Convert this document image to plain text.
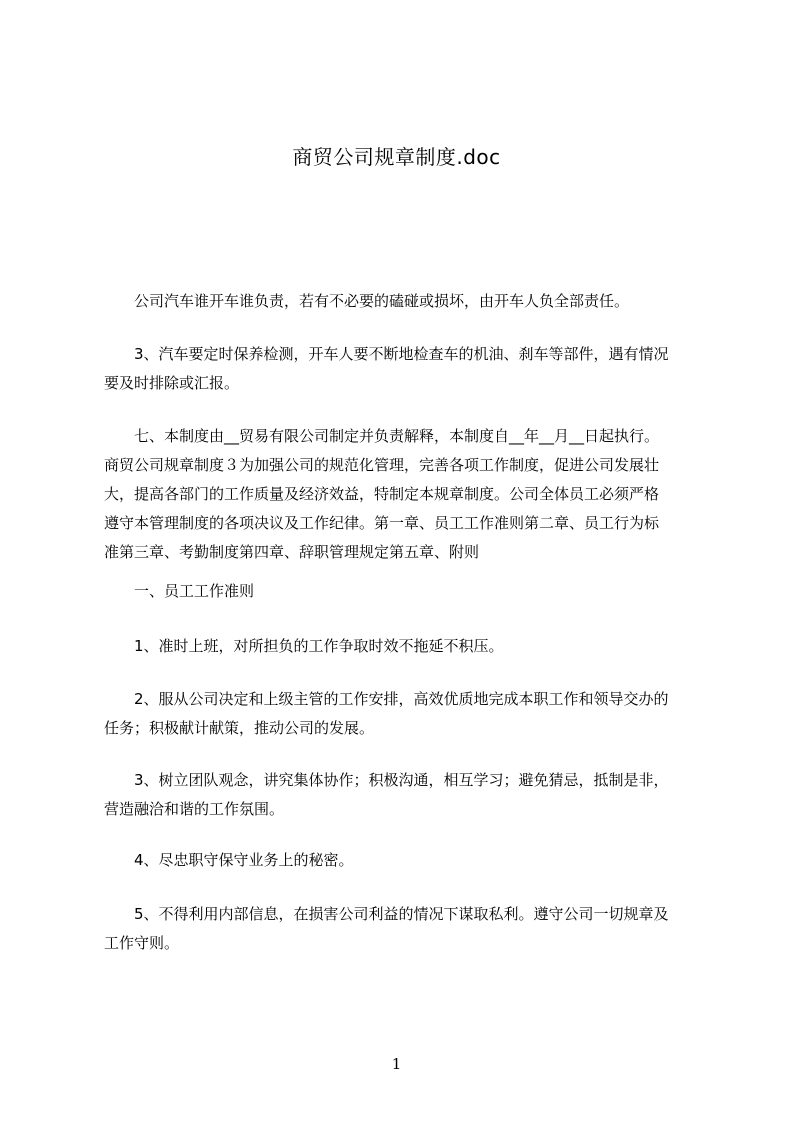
商贸公司规章制度.doc
　　公司汽车谁开车谁负责，若有不必要的磕碰或损坏，由开车人负全部责任。
　　3、汽车要定时保养检测，开车人要不断地检查车的机油、刹车等部件，遇有情况
要及时排除或汇报。
　　七、本制度由__贸易有限公司制定并负责解释，本制度自__年__月__日起执行。
商贸公司规章制度３为加强公司的规范化管理，完善各项工作制度，促进公司发展壮
大，提高各部门的工作质量及经济效益，特制定本规章制度。公司全体员工必须严格
遵守本管理制度的各项决议及工作纪律。第一章、员工工作准则第二章、员工行为标
准第三章、考勤制度第四章、辞职管理规定第五章、附则
　　一、员工工作准则
　　1、准时上班，对所担负的工作争取时效不拖延不积压。
　　2、服从公司决定和上级主管的工作安排，高效优质地完成本职工作和领导交办的
任务；积极献计献策，推动公司的发展。
　　3、树立团队观念，讲究集体协作；积极沟通，相互学习；避免猜忌，抵制是非，
营造融洽和谐的工作氛围。
　　4、尽忠职守保守业务上的秘密。
　　5、不得利用内部信息，在损害公司利益的情况下谋取私利。遵守公司一切规章及
工作守则。
1
